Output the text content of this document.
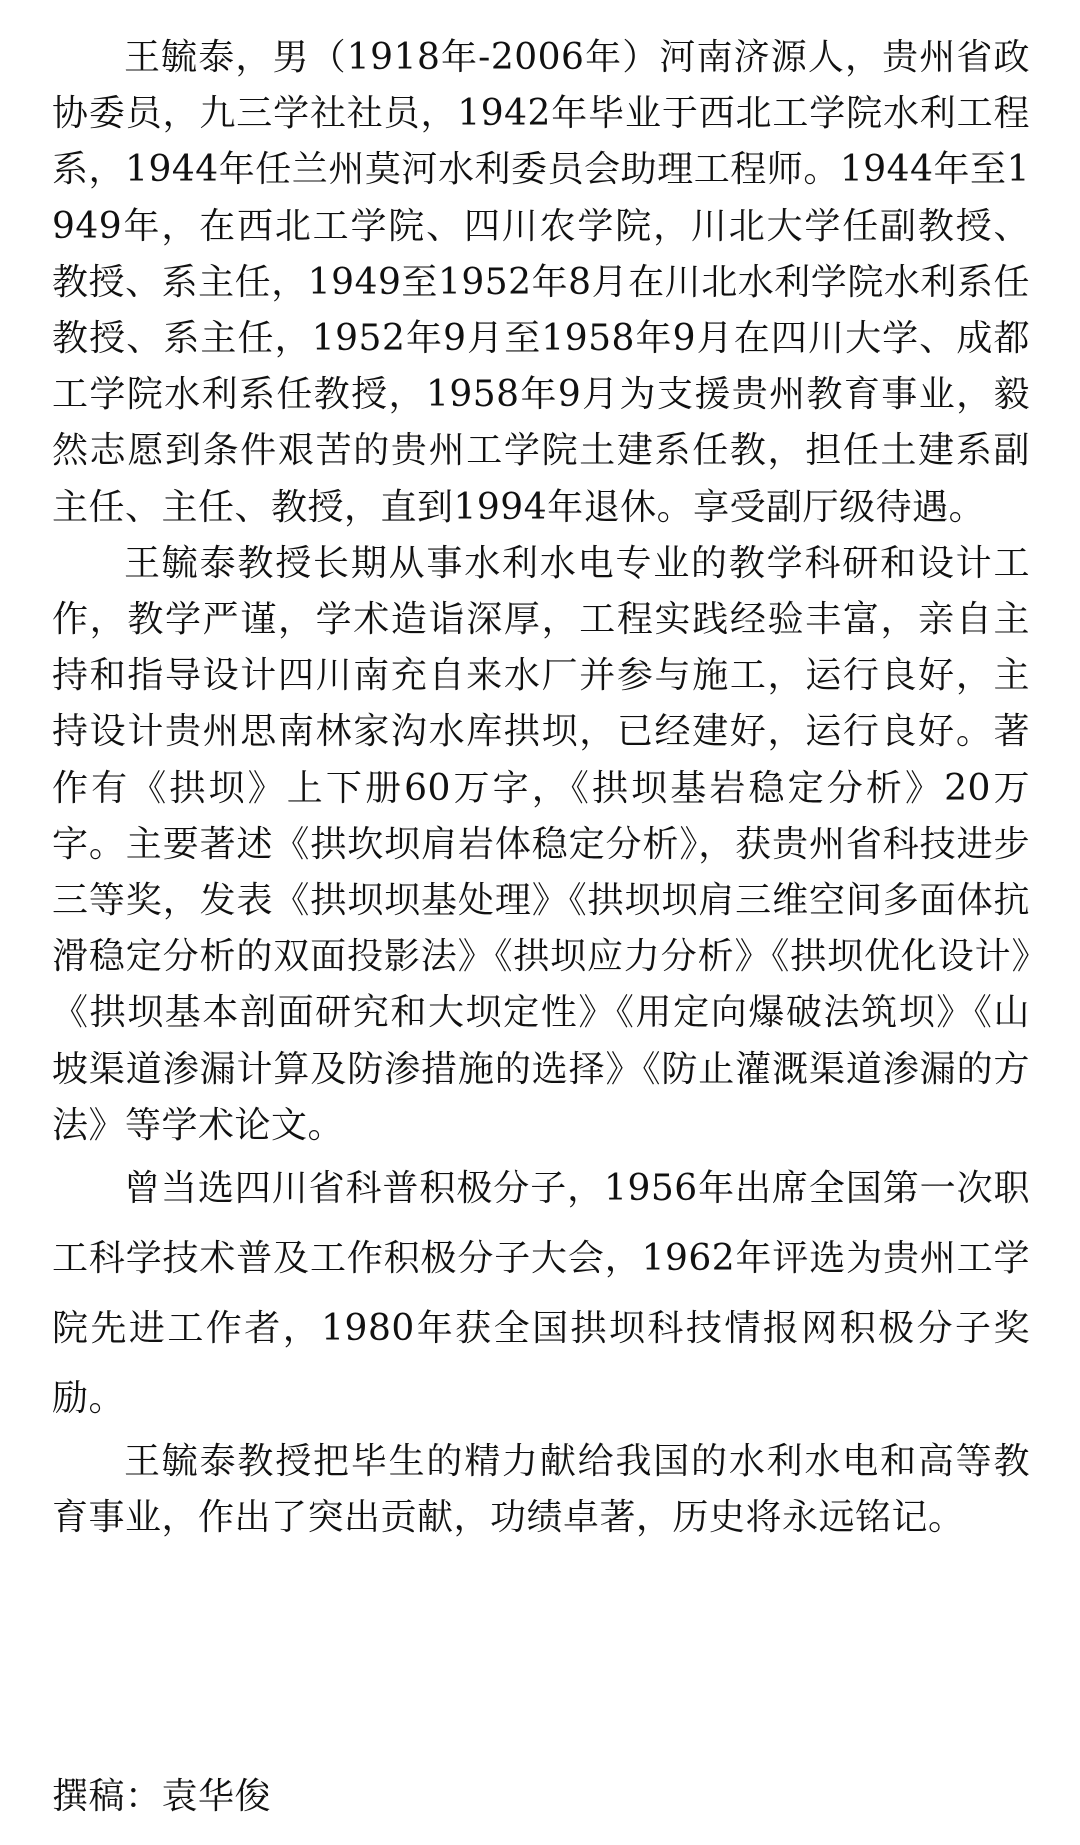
王毓泰，男（1918年-2006年）河南济源人，贵州省政协委员，九三学社社员，1942年毕业于西北工学院水利工程系，1944年任兰州莫河水利委员会助理工程师。1944年至1949年，在西北工学院、四川农学院，川北大学任副教授、教授、系主任，1949至1952年8月在川北水利学院水利系任教授、系主任，1952年9月至1958年9月在四川大学、成都工学院水利系任教授，1958年9月为支援贵州教育事业，毅然志愿到条件艰苦的贵州工学院土建系任教，担任土建系副主任、主任、教授，直到1994年退休。享受副厅级待遇。

王毓泰教授长期从事水利水电专业的教学科研和设计工作，教学严谨，学术造诣深厚，工程实践经验丰富，亲自主持和指导设计四川南充自来水厂并参与施工，运行良好，主持设计贵州思南林家沟水库拱坝，已经建好，运行良好。著作有《拱坝》上下册60万字，《拱坝基岩稳定分析》20万字。主要著述《拱坎坝肩岩体稳定分析》，获贵州省科技进步三等奖，发表《拱坝坝基处理》《拱坝坝肩三维空间多面体抗滑稳定分析的双面投影法》《拱坝应力分析》《拱坝优化设计》《拱坝基本剖面研究和大坝定性》《用定向爆破法筑坝》《山坡渠道渗漏计算及防渗措施的选择》《防止灌溉渠道渗漏的方法》等学术论文。

曾当选四川省科普积极分子，1956年出席全国第一次职工科学技术普及工作积极分子大会，1962年评选为贵州工学院先进工作者，1980年获全国拱坝科技情报网积极分子奖励。

王毓泰教授把毕生的精力献给我国的水利水电和高等教育事业，作出了突出贡献，功绩卓著，历史将永远铭记。

撰稿：袁华俊
